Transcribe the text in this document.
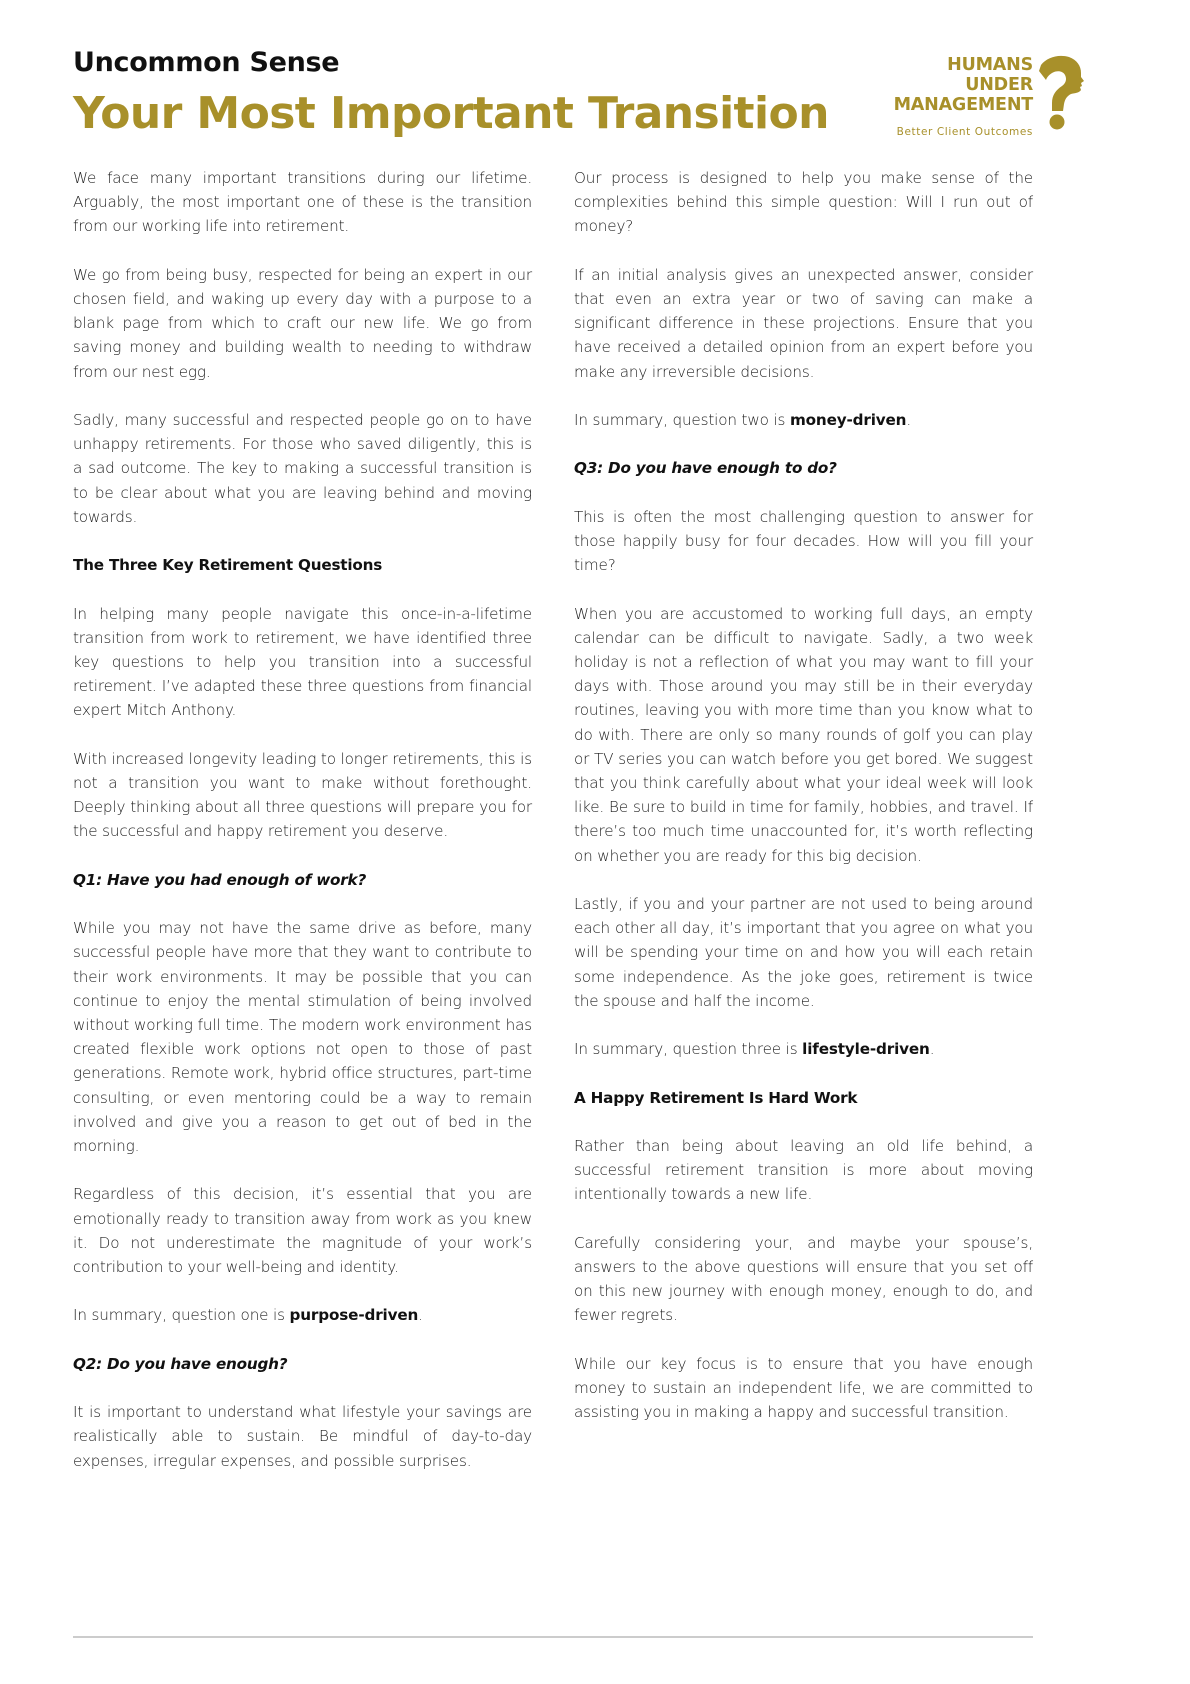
Uncommon Sense
Your Most Important Transition
HUMANS
UNDER
MANAGEMENT
Better Client Outcomes

We face many important transitions during our lifetime. Arguably, the most important one of these is the transition from our working life into retirement.

We go from being busy, respected for being an expert in our chosen field, and waking up every day with a purpose to a blank page from which to craft our new life. We go from saving money and building wealth to needing to withdraw from our nest egg.

Sadly, many successful and respected people go on to have unhappy retirements. For those who saved diligently, this is a sad outcome. The key to making a successful transition is to be clear about what you are leaving behind and moving towards.

The Three Key Retirement Questions

In helping many people navigate this once-in-a-lifetime transition from work to retirement, we have identified three key questions to help you transition into a successful retirement. I’ve adapted these three questions from financial expert Mitch Anthony.

With increased longevity leading to longer retirements, this is not a transition you want to make without forethought. Deeply thinking about all three questions will prepare you for the successful and happy retirement you deserve.

Q1: Have you had enough of work?

While you may not have the same drive as before, many successful people have more that they want to contribute to their work environments. It may be possible that you can continue to enjoy the mental stimulation of being involved without working full time. The modern work environment has created flexible work options not open to those of past generations. Remote work, hybrid office structures, part-time consulting, or even mentoring could be a way to remain involved and give you a reason to get out of bed in the morning.

Regardless of this decision, it’s essential that you are emotionally ready to transition away from work as you knew it. Do not underestimate the magnitude of your work’s contribution to your well-being and identity.

In summary, question one is purpose-driven.

Q2: Do you have enough?

It is important to understand what lifestyle your savings are realistically able to sustain. Be mindful of day-to-day expenses, irregular expenses, and possible surprises.

Our process is designed to help you make sense of the complexities behind this simple question: Will I run out of money?

If an initial analysis gives an unexpected answer, consider that even an extra year or two of saving can make a significant difference in these projections. Ensure that you have received a detailed opinion from an expert before you make any irreversible decisions.

In summary, question two is money-driven.

Q3: Do you have enough to do?

This is often the most challenging question to answer for those happily busy for four decades. How will you fill your time?

When you are accustomed to working full days, an empty calendar can be difficult to navigate. Sadly, a two week holiday is not a reflection of what you may want to fill your days with. Those around you may still be in their everyday routines, leaving you with more time than you know what to do with. There are only so many rounds of golf you can play or TV series you can watch before you get bored. We suggest that you think carefully about what your ideal week will look like. Be sure to build in time for family, hobbies, and travel. If there’s too much time unaccounted for, it’s worth reflecting on whether you are ready for this big decision.

Lastly, if you and your partner are not used to being around each other all day, it’s important that you agree on what you will be spending your time on and how you will each retain some independence. As the joke goes, retirement is twice the spouse and half the income.

In summary, question three is lifestyle-driven.

A Happy Retirement Is Hard Work

Rather than being about leaving an old life behind, a successful retirement transition is more about moving intentionally towards a new life.

Carefully considering your, and maybe your spouse’s, answers to the above questions will ensure that you set off on this new journey with enough money, enough to do, and fewer regrets.

While our key focus is to ensure that you have enough money to sustain an independent life, we are committed to assisting you in making a happy and successful transition.
